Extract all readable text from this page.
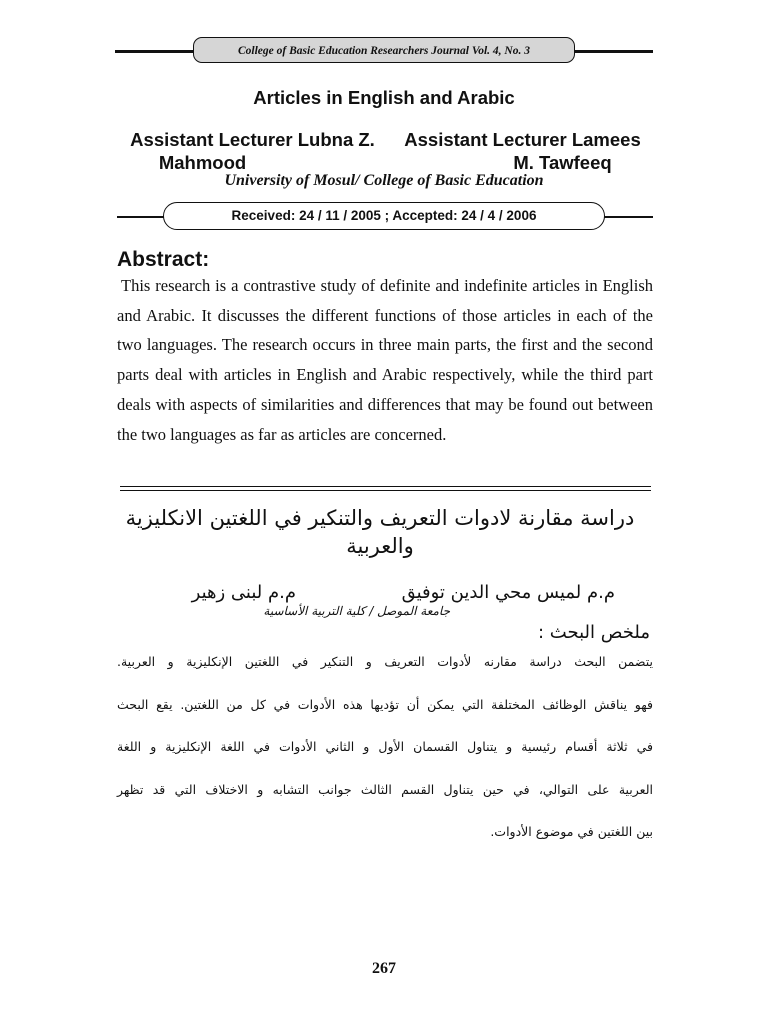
College of Basic Education Researchers Journal Vol. 4, No. 3
Articles in English and Arabic
Assistant Lecturer Lubna Z.
Mahmood
Assistant Lecturer Lamees
M. Tawfeeq
University of Mosul/ College of Basic Education
Received: 24 / 11 / 2005 ; Accepted: 24 / 4 / 2006
Abstract:
This research is a contrastive study of definite and indefinite articles in English and Arabic. It discusses the different functions of those articles in each of the two languages. The research occurs in three main parts, the first and the second parts deal with articles in English and Arabic respectively, while the third part deals with aspects of similarities and differences that may be found out between the two languages as far as articles are concerned.
دراسة مقارنة لادوات التعريف والتنكير في اللغتين الانكليزية والعربية
م.م لميس محي الدين توفيق
م.م لبنى زهير
جامعة الموصل / كلية التربية الأساسية
ملخص البحث :
يتضمن البحث دراسة مقارنه لأدوات التعريف و التنكير في اللغتين الإنكليزية و العربية.
فهو يناقش الوظائف المختلفة التي يمكن أن تؤديها هذه الأدوات في كل من اللغتين. يقع البحث
في ثلاثة أقسام رئيسية و يتناول القسمان الأول و الثاني الأدوات في اللغة الإنكليزية و اللغة
العربية على التوالي، في حين يتناول القسم الثالث جوانب التشابه و الاختلاف التي قد تظهر
بين اللغتين في موضوع الأدوات.
267
